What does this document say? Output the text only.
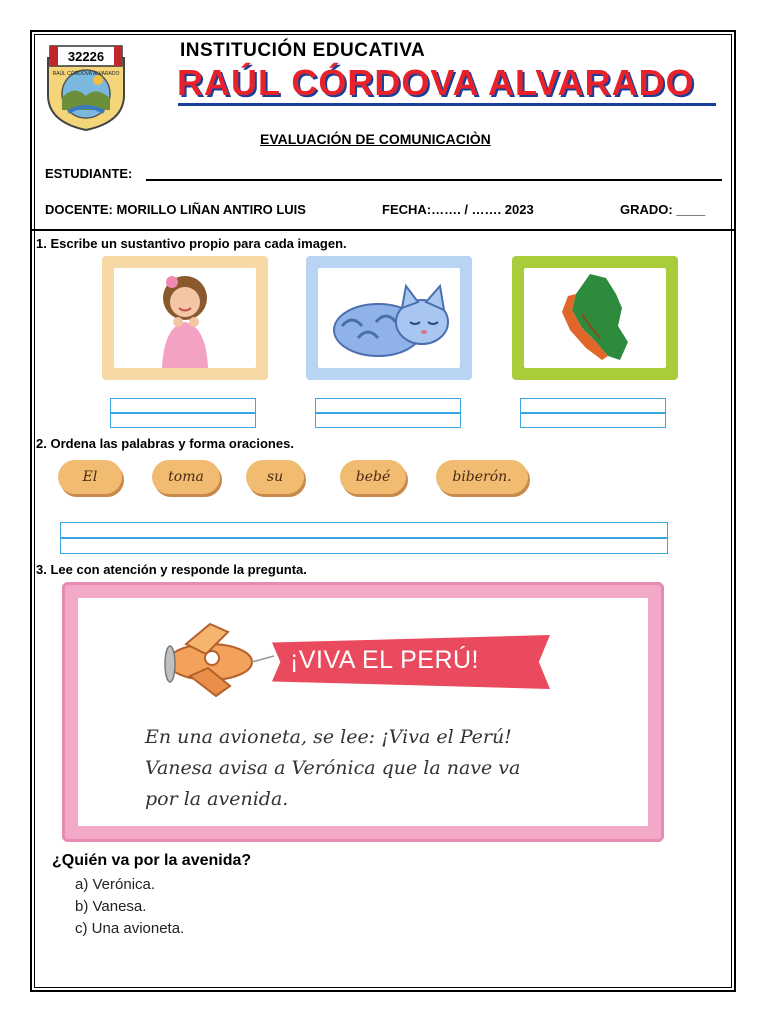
32226
RAÚL CÓRDOVA ALVARADO
INSTITUCIÓN EDUCATIVA
RAÚL CÓRDOVA ALVARADO
EVALUACIÓN DE COMUNICACIÒN
ESTUDIANTE:
DOCENTE: MORILLO LIÑAN ANTIRO LUIS	FECHA:……. / ……. 2023	GRADO: ____
1. Escribe un sustantivo propio para cada imagen.
2. Ordena las palabras y forma oraciones.
El	toma	su	bebé	biberón.
3. Lee con atención y responde la pregunta.
¡VIVA EL PERÚ!
En una avioneta, se lee: ¡Viva el Perú!
Vanesa avisa a Verónica que la nave va
por la avenida.
¿Quién va por la avenida?
a) Verónica.
b) Vanesa.
c) Una avioneta.
